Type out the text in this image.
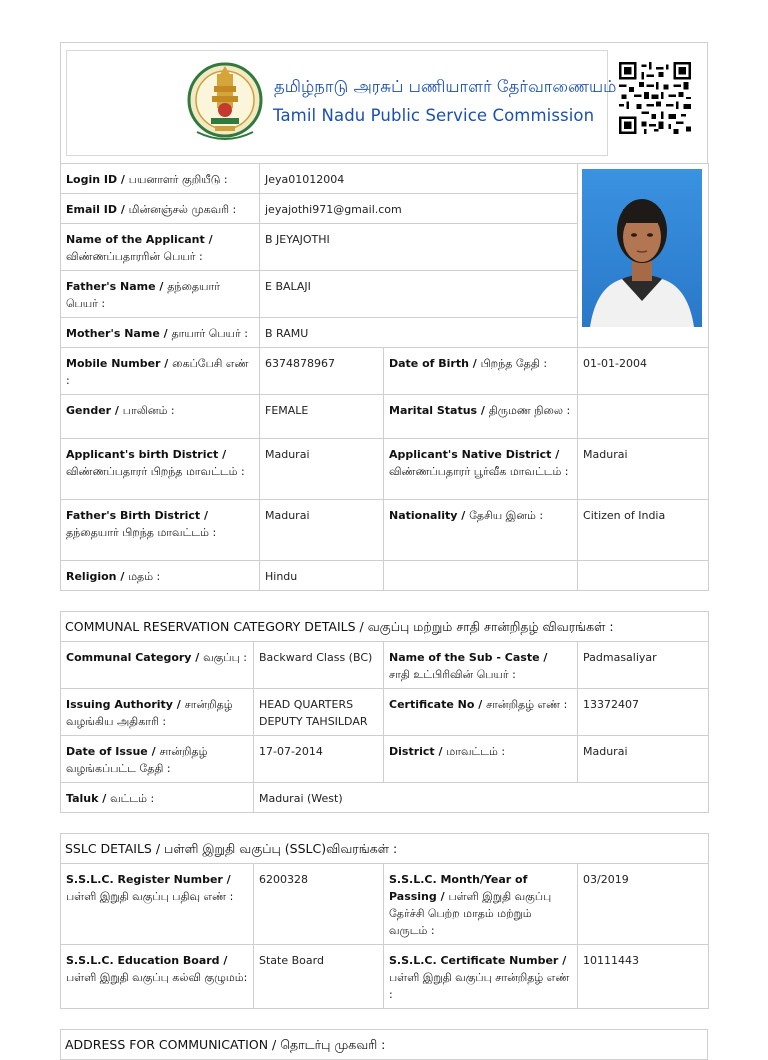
தமிழ்நாடு அரசுப் பணியாளர் தேர்வாணையம்
Tamil Nadu Public Service Commission
Login ID / பயனாளர் குறியீடு :	Jeya01012004	

Email ID / மின்னஞ்சல் முகவரி :	jeyajothi971@gmail.com		
Name of the Applicant / விண்ணப்பதாரரின் பெயர் :	B JEYAJOTHI		
Father's Name / தந்தையார் பெயர் :	E BALAJI		
Mother's Name / தாயார் பெயர் :	B RAMU		
Mobile Number / கைப்பேசி எண் :	6374878967	Date of Birth / பிறந்த தேதி :	01-01-2004
Gender / பாலினம் :	FEMALE	Marital Status / திருமண நிலை :	
Applicant's birth District / விண்ணப்பதாரர் பிறந்த மாவட்டம் :	Madurai	Applicant's Native District / விண்ணப்பதாரர் பூர்வீக மாவட்டம் :	Madurai
Father's Birth District / தந்தையார் பிறந்த மாவட்டம் :	Madurai	Nationality / தேசிய இனம் :	Citizen of India
Religion / மதம் :	Hindu		
COMMUNAL RESERVATION CATEGORY DETAILS / வகுப்பு மற்றும் சாதி சான்றிதழ் விவரங்கள் :			
Communal Category / வகுப்பு :	Backward Class (BC)	Name of the Sub - Caste / சாதி உட்பிரிவின் பெயர் :	Padmasaliyar
Issuing Authority / சான்றிதழ் வழங்கிய அதிகாரி :	HEAD QUARTERS DEPUTY TAHSILDAR	Certificate No / சான்றிதழ் எண் :	13372407
Date of Issue / சான்றிதழ் வழங்கப்பட்ட தேதி :	17-07-2014	District / மாவட்டம் :	Madurai
Taluk / வட்டம் :	Madurai (West)		
SSLC DETAILS / பள்ளி இறுதி வகுப்பு (SSLC)விவரங்கள் :			
S.S.L.C. Register Number / பள்ளி இறுதி வகுப்பு பதிவு எண் :	6200328	S.S.L.C. Month/Year of Passing / பள்ளி இறுதி வகுப்பு தேர்ச்சி பெற்ற மாதம் மற்றும் வருடம் :	03/2019
S.S.L.C. Education Board / பள்ளி இறுதி வகுப்பு கல்வி குழுமம்:	State Board	S.S.L.C. Certificate Number / பள்ளி இறுதி வகுப்பு சான்றிதழ் எண் :	10111443
ADDRESS FOR COMMUNICATION / தொடர்பு முகவரி :
